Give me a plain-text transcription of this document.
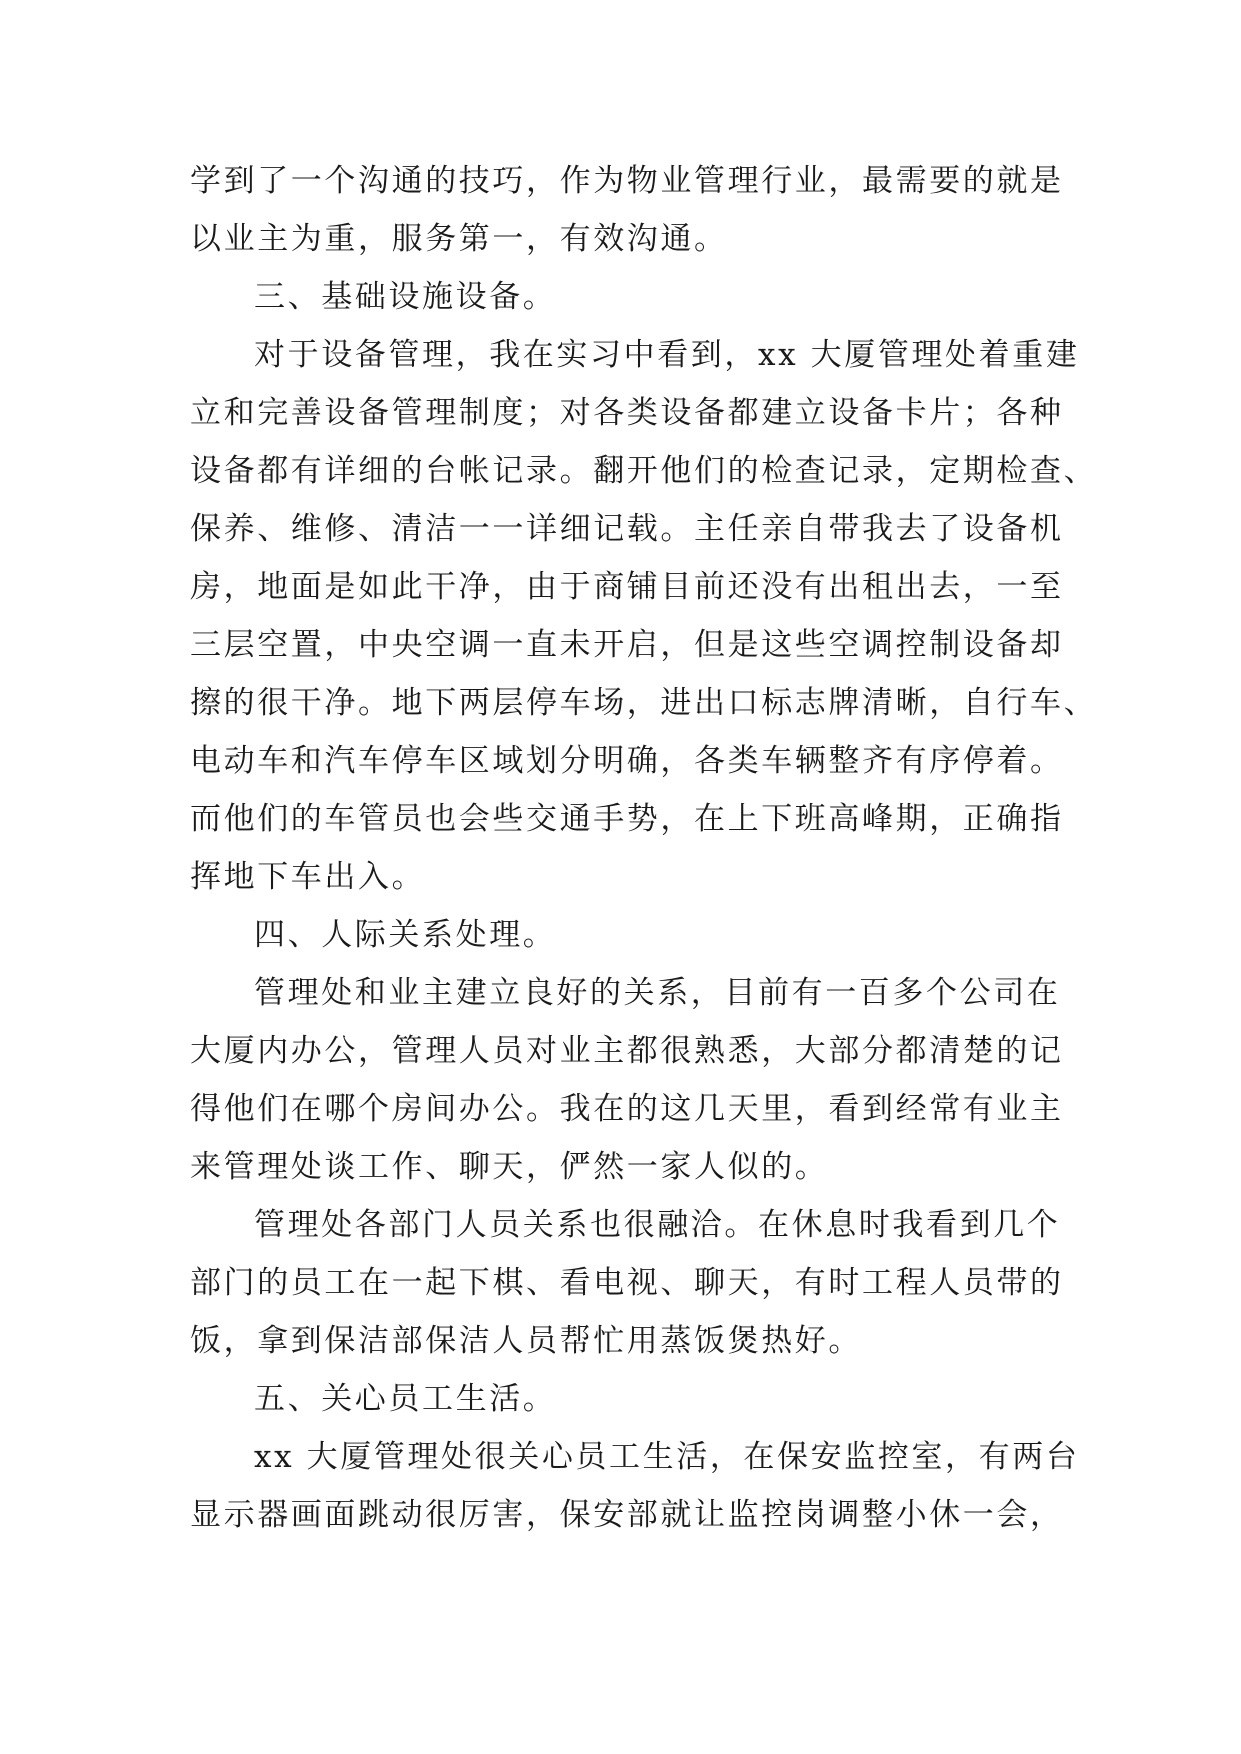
学到了一个沟通的技巧，作为物业管理行业，最需要的就是
以业主为重，服务第一，有效沟通。
三、基础设施设备。
对于设备管理，我在实习中看到，xx 大厦管理处着重建
立和完善设备管理制度；对各类设备都建立设备卡片；各种
设备都有详细的台帐记录。翻开他们的检查记录，定期检查、
保养、维修、清洁一一详细记载。主任亲自带我去了设备机
房，地面是如此干净，由于商铺目前还没有出租出去，一至
三层空置，中央空调一直未开启，但是这些空调控制设备却
擦的很干净。地下两层停车场，进出口标志牌清晰，自行车、
电动车和汽车停车区域划分明确，各类车辆整齐有序停着。
而他们的车管员也会些交通手势，在上下班高峰期，正确指
挥地下车出入。
四、人际关系处理。
管理处和业主建立良好的关系，目前有一百多个公司在
大厦内办公，管理人员对业主都很熟悉，大部分都清楚的记
得他们在哪个房间办公。我在的这几天里，看到经常有业主
来管理处谈工作、聊天，俨然一家人似的。
管理处各部门人员关系也很融洽。在休息时我看到几个
部门的员工在一起下棋、看电视、聊天，有时工程人员带的
饭，拿到保洁部保洁人员帮忙用蒸饭煲热好。
五、关心员工生活。
xx 大厦管理处很关心员工生活，在保安监控室，有两台
显示器画面跳动很厉害，保安部就让监控岗调整小休一会，
